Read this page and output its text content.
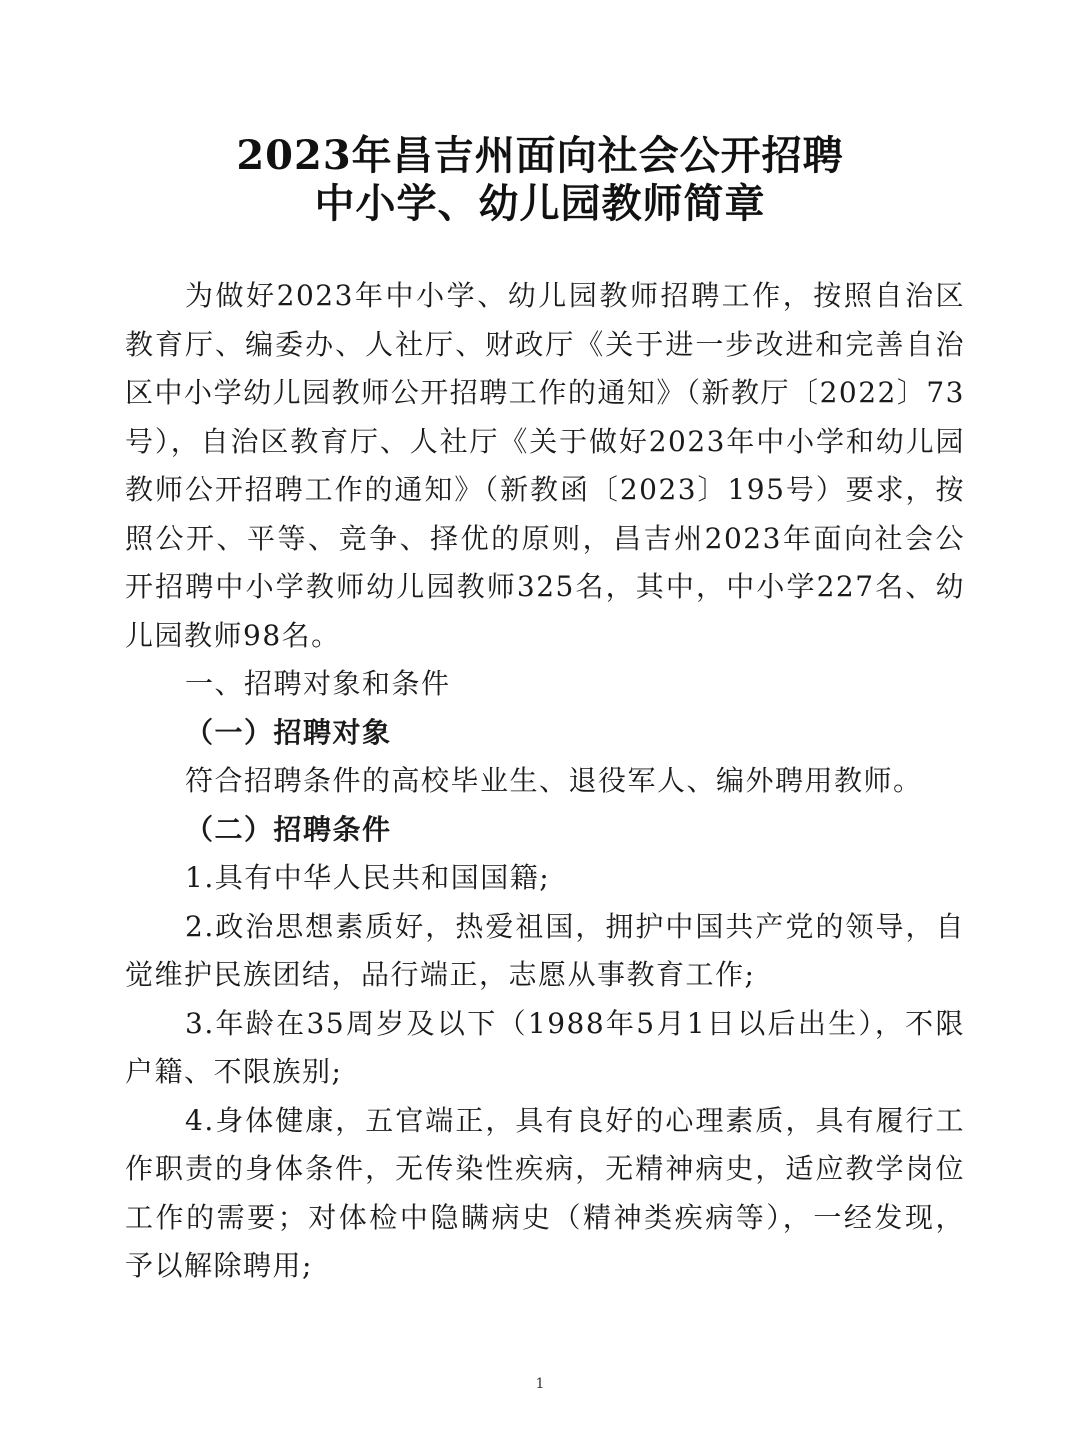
2023年昌吉州面向社会公开招聘
中小学、幼儿园教师简章

为做好2023年中小学、幼儿园教师招聘工作，按照自治区教育厅、编委办、人社厅、财政厅《关于进一步改进和完善自治区中小学幼儿园教师公开招聘工作的通知》（新教厅〔2022〕73号），自治区教育厅、人社厅《关于做好2023年中小学和幼儿园教师公开招聘工作的通知》（新教函〔2023〕195号）要求，按照公开、平等、竞争、择优的原则，昌吉州2023年面向社会公开招聘中小学教师幼儿园教师325名，其中，中小学227名、幼儿园教师98名。

一、招聘对象和条件

（一）招聘对象

符合招聘条件的高校毕业生、退役军人、编外聘用教师。

（二）招聘条件

1.具有中华人民共和国国籍;

2.政治思想素质好，热爱祖国，拥护中国共产党的领导，自觉维护民族团结，品行端正，志愿从事教育工作;

3.年龄在35周岁及以下（1988年5月1日以后出生），不限户籍、不限族别;

4.身体健康，五官端正，具有良好的心理素质，具有履行工作职责的身体条件，无传染性疾病，无精神病史，适应教学岗位工作的需要；对体检中隐瞒病史（精神类疾病等），一经发现，予以解除聘用;

1
